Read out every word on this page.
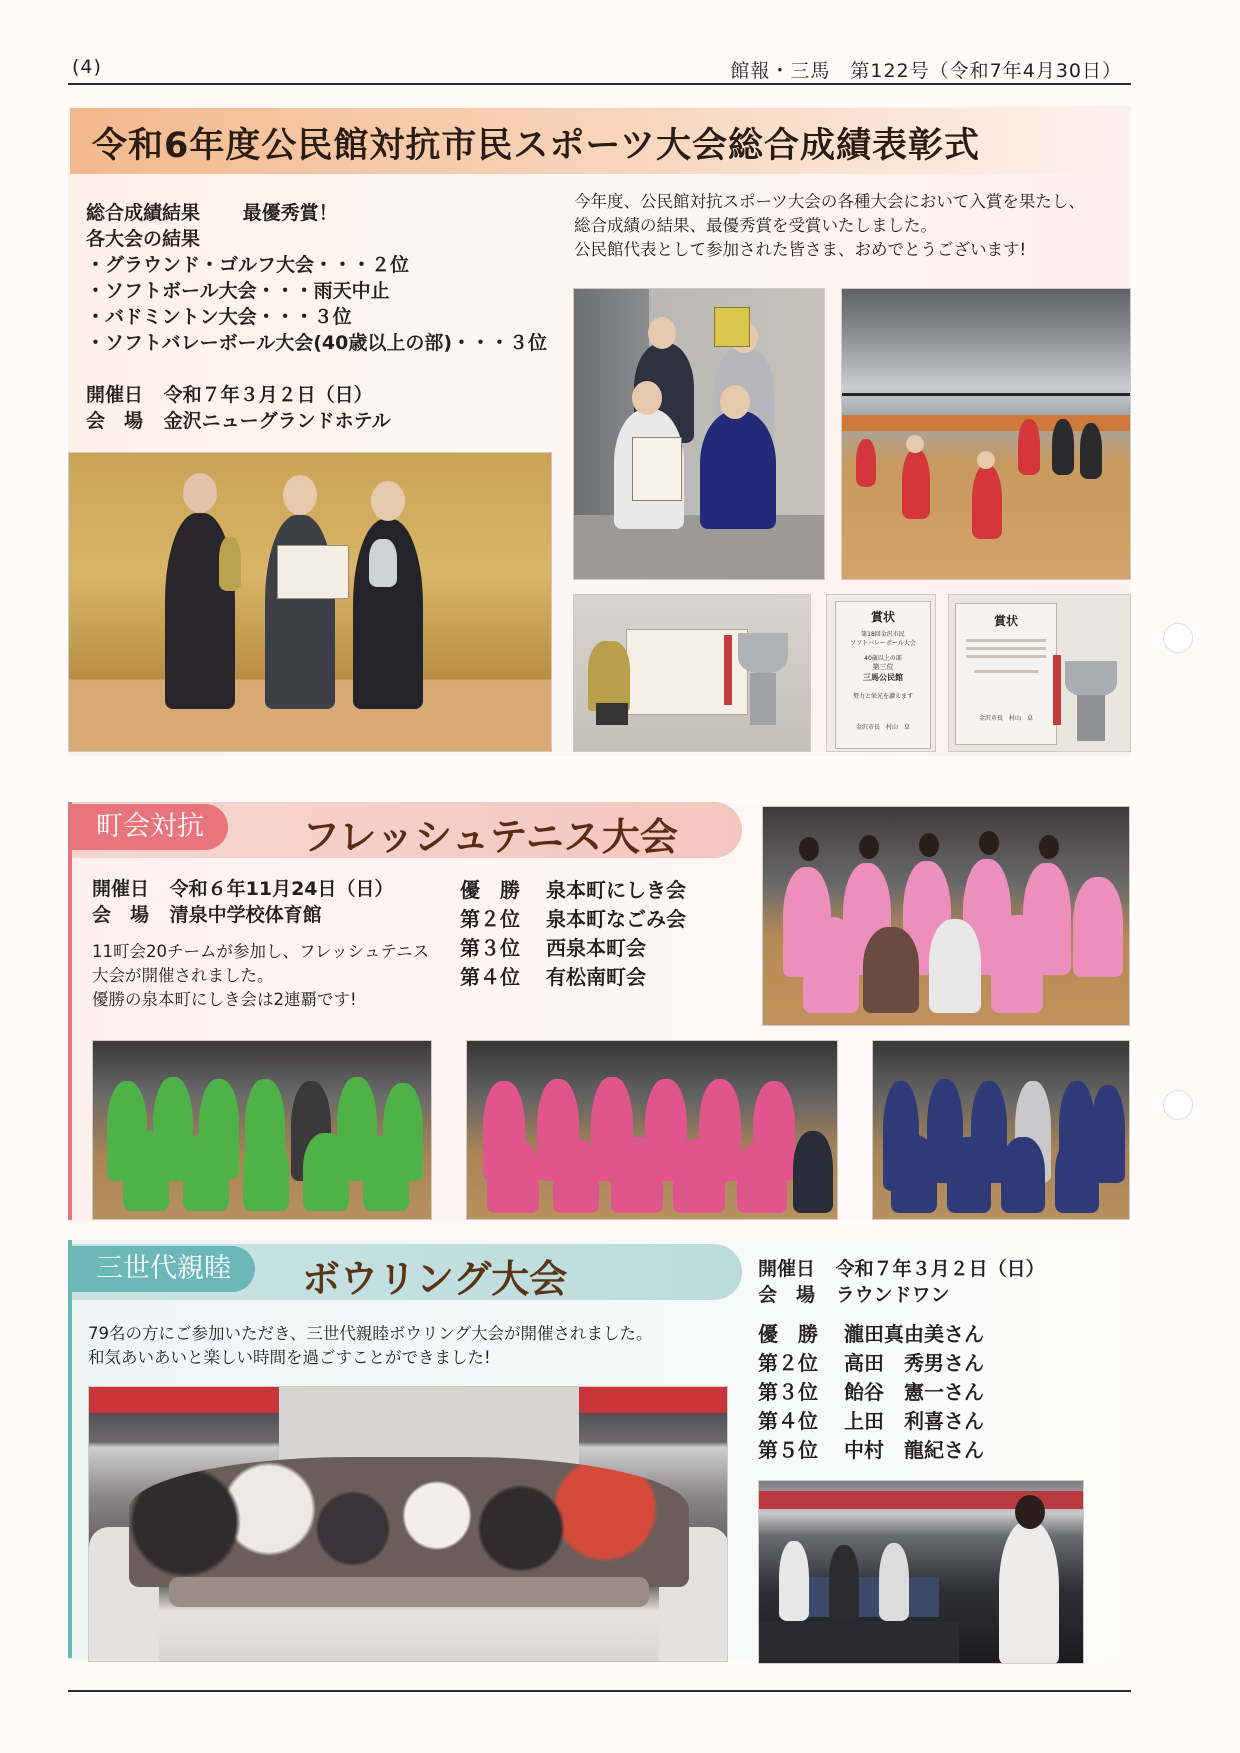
(4)	館報・三馬　第122号（令和7年4月30日）
令和6年度公民館対抗市民スポーツ大会総合成績表彰式
総合成績結果 最優秀賞！
各大会の結果
・グラウンド・ゴルフ大会・・・２位
・ソフトボール大会・・・雨天中止
・バドミントン大会・・・３位
・ソフトバレーボール大会(40歳以上の部)・・・３位
開催日 令和７年３月２日（日）
会　場 金沢ニューグランドホテル
今年度、公民館対抗スポーツ大会の各種大会において入賞を果たし、
総合成績の結果、最優秀賞を受賞いたしました。
公民館代表として参加された皆さま、おめでとうございます!
賞状
第18回金沢市民
ソフトバレーボール大会
40歳以上の部
第三位
三馬公民館
努力と栄光を讃えます
金沢市長　村山　卓
賞状
金沢市長　村山　卓
町会対抗	フレッシュテニス大会
開催日 令和６年11月24日（日）
会　場 清泉中学校体育館
11町会20チームが参加し、フレッシュテニス
大会が開催されました。
優勝の泉本町にしき会は2連覇です!
優　勝 泉本町にしき会
第２位 泉本町なごみ会
第３位 西泉本町会
第４位 有松南町会
三世代親睦	ボウリング大会
79名の方にご参加いただき、三世代親睦ボウリング大会が開催されました。
和気あいあいと楽しい時間を過ごすことができました!
開催日 令和７年３月２日（日）
会　場 ラウンドワン
優　勝 瀧田真由美さん
第２位 高田　秀男さん
第３位 飴谷　憲一さん
第４位 上田　利喜さん
第５位 中村　龍紀さん
